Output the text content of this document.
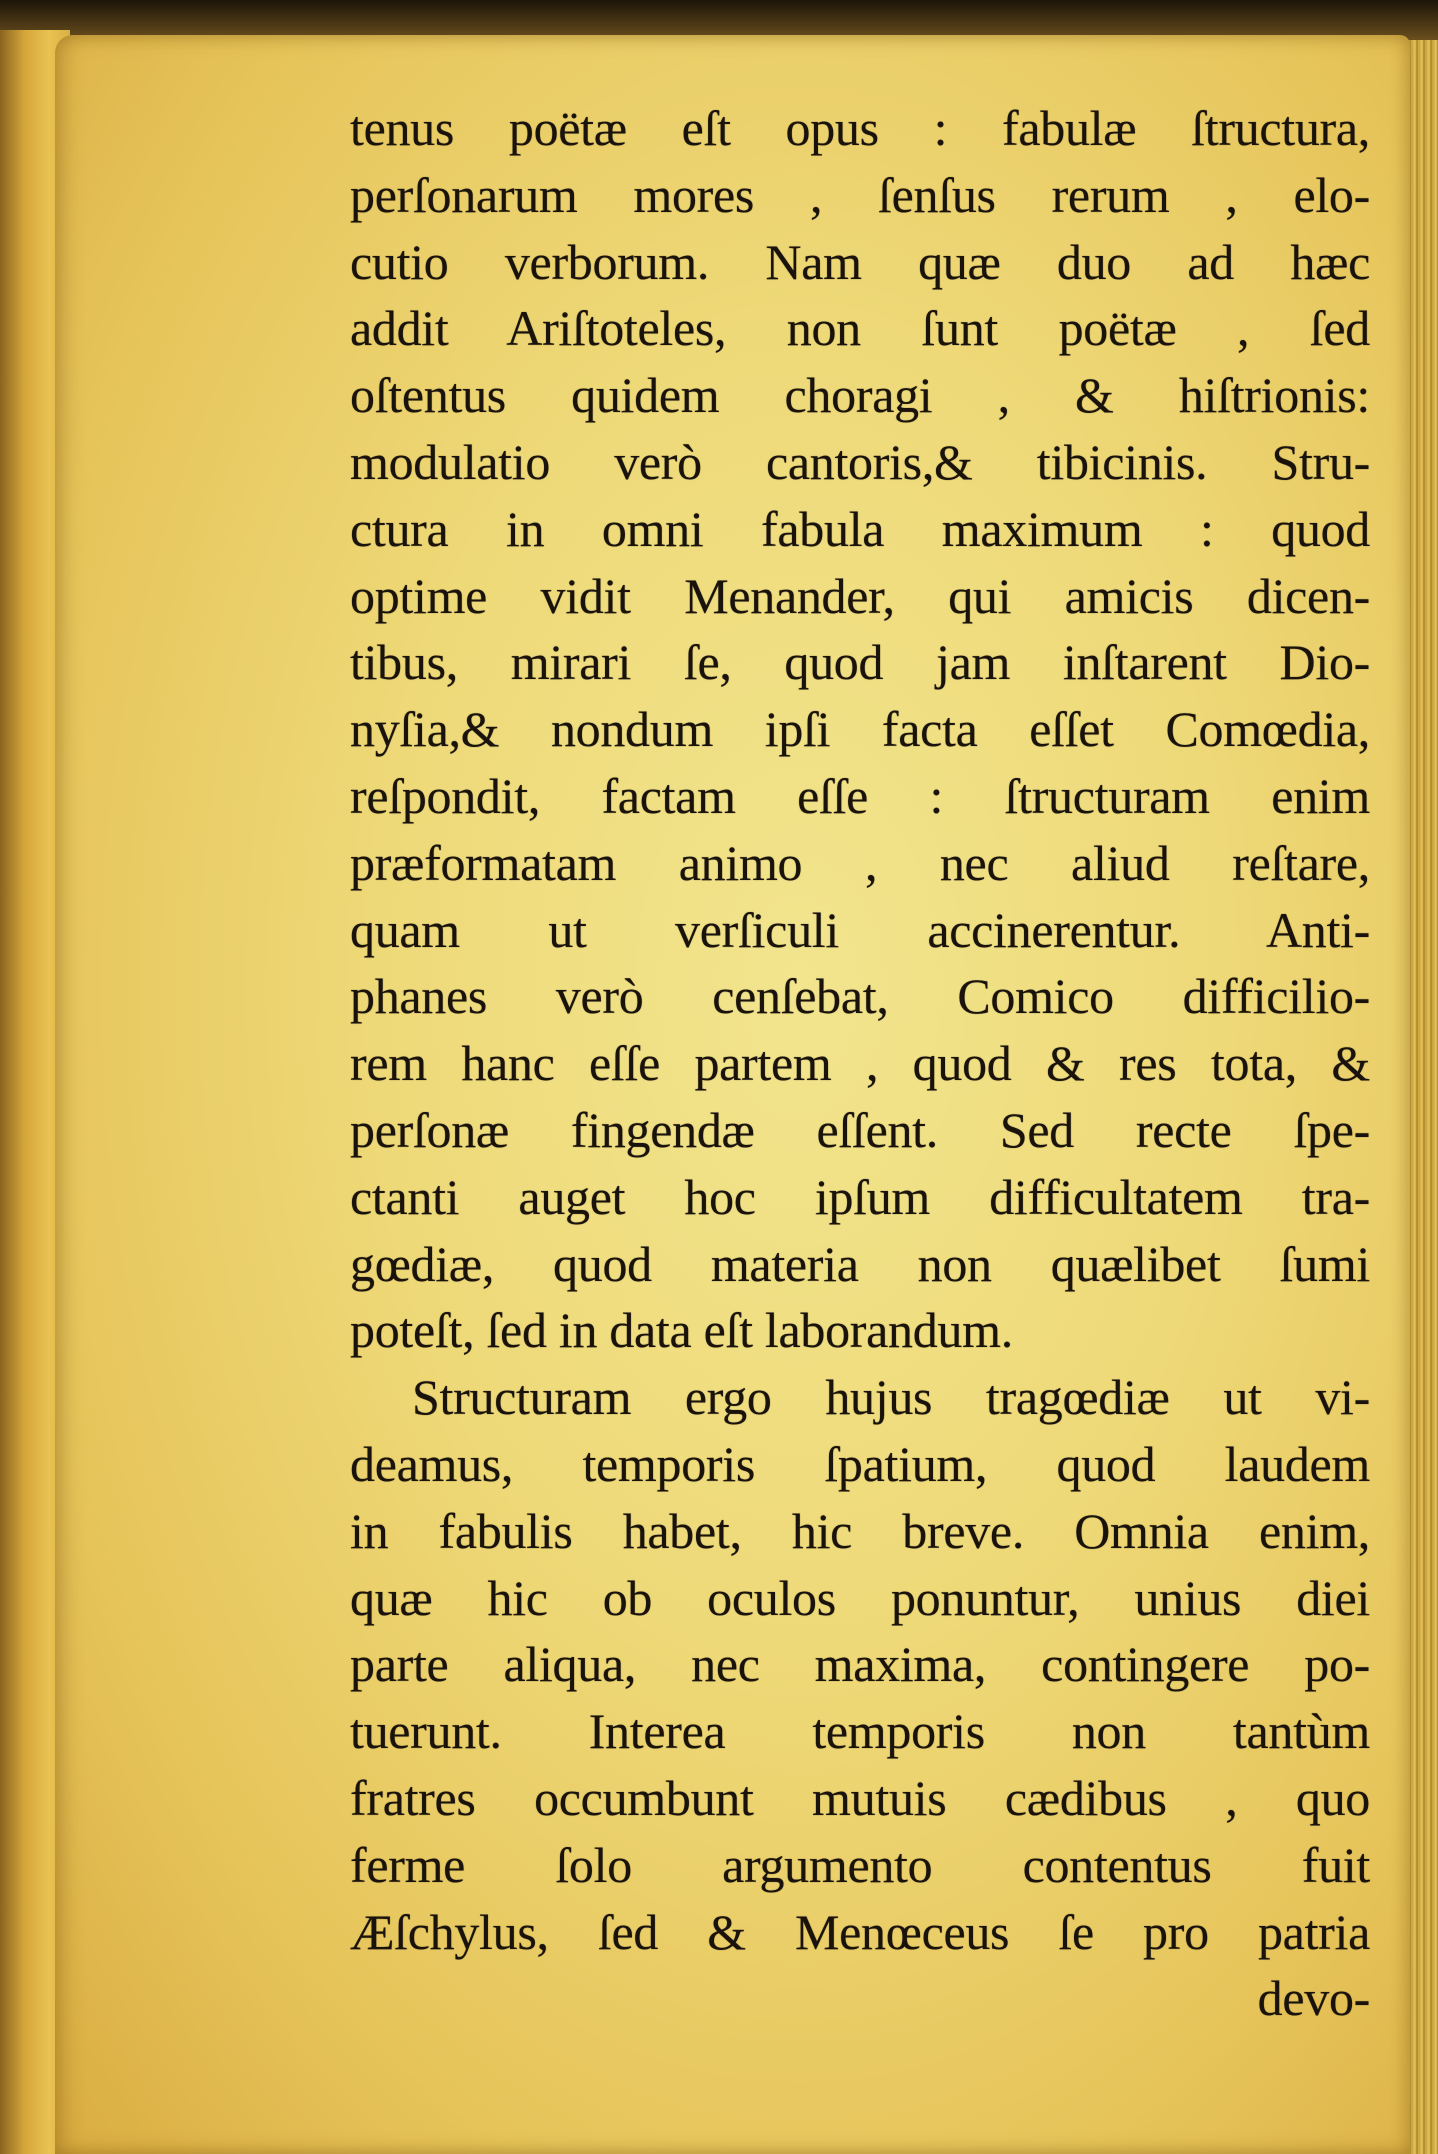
tenus poëtæ eſt opus : fabulæ ſtructura,
perſonarum mores , ſenſus rerum , elo-
cutio verborum. Nam quæ duo ad hæc
addit Ariſtoteles, non ſunt poëtæ , ſed
oſtentus quidem choragi , & hiſtrionis:
modulatio verò cantoris,& tibicinis. Stru-
ctura in omni fabula maximum : quod
optime vidit Menander, qui amicis dicen-
tibus, mirari ſe, quod jam inſtarent Dio-
nyſia,& nondum ipſi facta eſſet Comœdia,
reſpondit, factam eſſe : ſtructuram enim
præformatam animo , nec aliud reſtare,
quam ut verſiculi accinerentur. Anti-
phanes verò cenſebat, Comico difficilio-
rem hanc eſſe partem , quod & res tota, &
perſonæ fingendæ eſſent. Sed recte ſpe-
ctanti auget hoc ipſum difficultatem tra-
gœdiæ, quod materia non quælibet ſumi
poteſt, ſed in data eſt laborandum.
Structuram ergo hujus tragœdiæ ut vi-
deamus, temporis ſpatium, quod laudem
in fabulis habet, hic breve. Omnia enim,
quæ hic ob oculos ponuntur, unius diei
parte aliqua, nec maxima, contingere po-
tuerunt. Interea temporis non tantùm
fratres occumbunt mutuis cædibus , quo
ferme ſolo argumento contentus fuit
Æſchylus, ſed & Menœceus ſe pro patria
devo-
